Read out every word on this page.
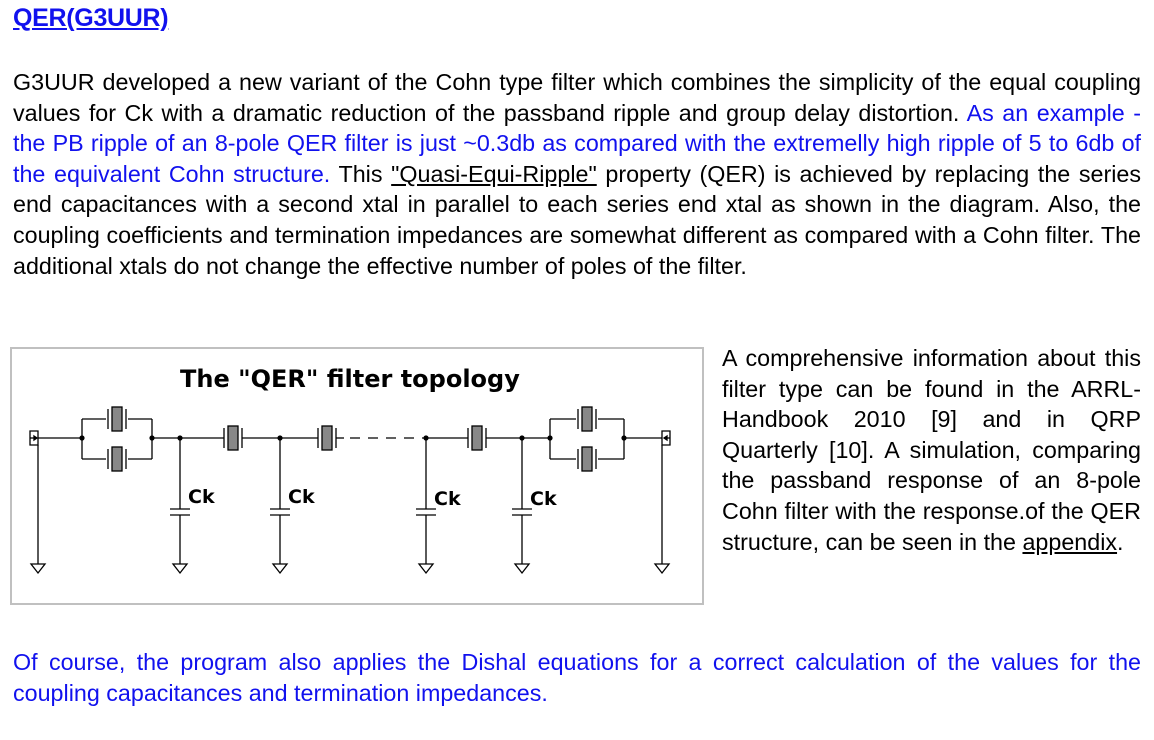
QER(G3UUR)

G3UUR developed a new variant of the Cohn type filter which combines the simplicity of the equal coupling values for Ck with a dramatic reduction of the passband ripple and group delay distortion. As an example - the PB ripple of an 8-pole QER filter is just ~0.3db as compared with the extremelly high ripple of 5 to 6db of the equivalent Cohn structure. This "Quasi-Equi-Ripple" property (QER) is achieved by replacing the series end capacitances with a second xtal in parallel to each series end xtal as shown in the diagram. Also, the coupling coefficients and termination impedances are somewhat different as compared with a Cohn filter. The additional xtals do not change the effective number of poles of the filter.

The "QER" filter topology
Ck	Ck	Ck	Ck

A comprehensive information about this filter type can be found in the ARRL-Handbook 2010 [9] and in QRP Quarterly [10]. A simulation, comparing the passband response of an 8-pole Cohn filter with the response.of the QER structure, can be seen in the appendix.

Of course, the program also applies the Dishal equations for a correct calculation of the values for the coupling capacitances and termination impedances.
